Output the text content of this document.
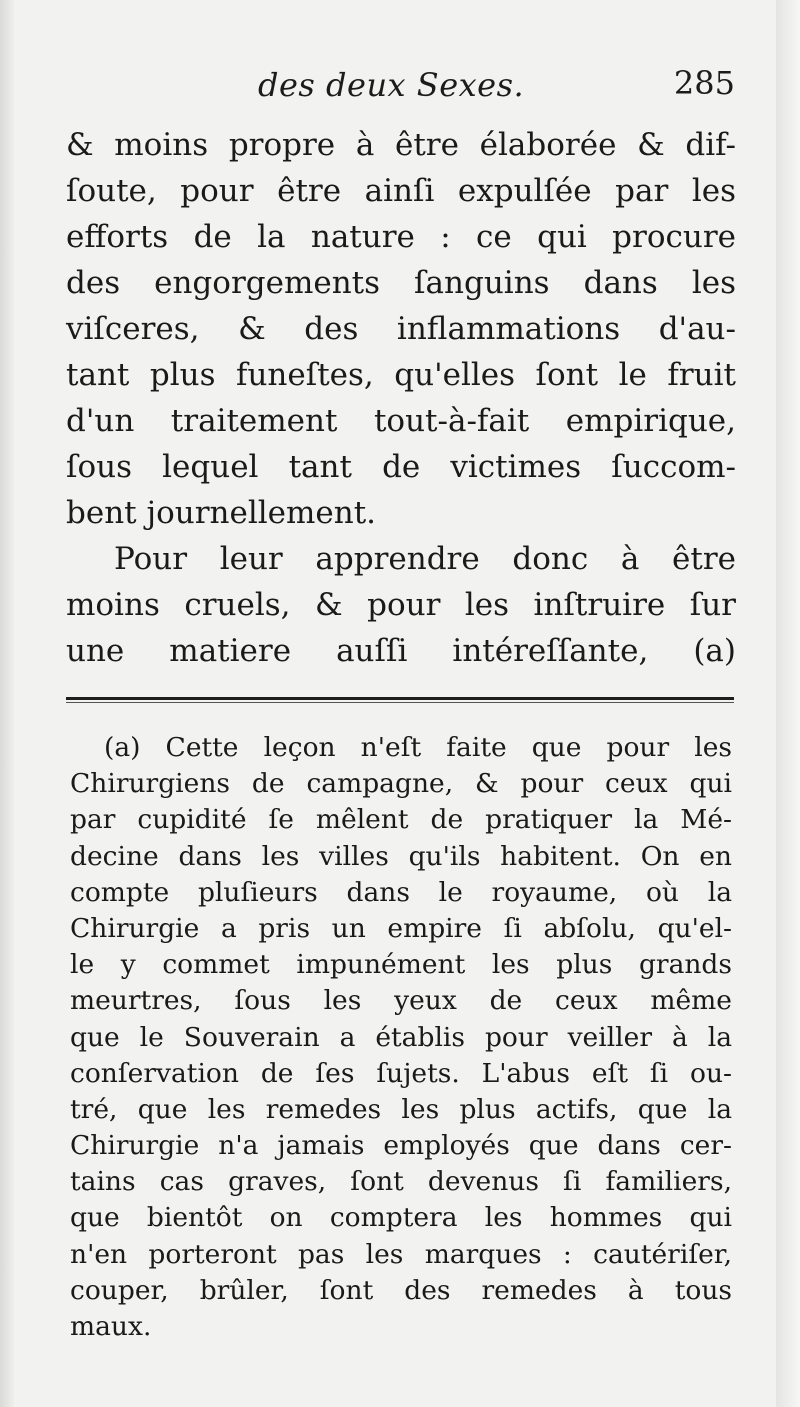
des deux Sexes.	285
& moins propre à être élaborée & dif-
ſoute, pour être ainſi expulſée par les
efforts de la nature : ce qui procure
des engorgements ſanguins dans les
viſceres, & des inflammations d'au-
tant plus funeſtes, qu'elles ſont le fruit
d'un traitement tout-à-fait empirique,
ſous lequel tant de victimes ſuccom-
bent journellement.
Pour leur apprendre donc à être
moins cruels, & pour les inſtruire ſur
une matiere auſſi intéreſſante, (a)
(a) Cette leçon n'eſt faite que pour les
Chirurgiens de campagne, & pour ceux qui
par cupidité ſe mêlent de pratiquer la Mé-
decine dans les villes qu'ils habitent. On en
compte pluſieurs dans le royaume, où la
Chirurgie a pris un empire ſi abſolu, qu'el-
le y commet impunément les plus grands
meurtres, ſous les yeux de ceux même
que le Souverain a établis pour veiller à la
conſervation de ſes ſujets. L'abus eſt ſi ou-
tré, que les remedes les plus actifs, que la
Chirurgie n'a jamais employés que dans cer-
tains cas graves, ſont devenus ſi familiers,
que bientôt on comptera les hommes qui
n'en porteront pas les marques : cautériſer,
couper, brûler, ſont des remedes à tous
maux.
